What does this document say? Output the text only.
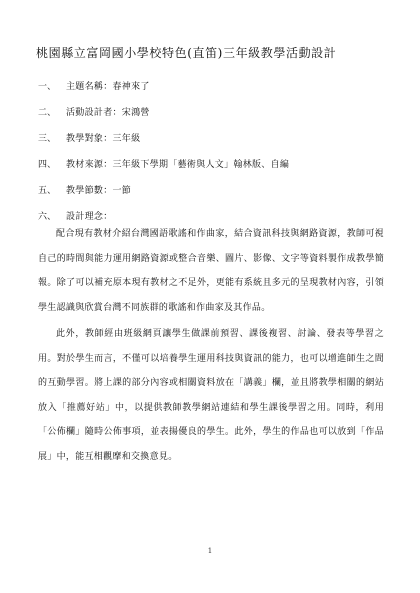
桃園縣立富岡國小學校特色(直笛)三年級教學活動設計
一、	主題名稱：春神來了
二、	活動設計者：宋鴻營
三、	教學對象：三年級
四、	教材來源：三年級下學期「藝術與人文」翰林版、自編
五、	教學節數：一節
六、	設計理念：

配合現有教材介紹台灣國語歌謠和作曲家，結合資訊科技與網路資源，教師可視自己的時間與能力運用網路資源或整合音樂、圖片、影像、文字等資料製作成教學簡報。除了可以補充原本現有教材之不足外，更能有系統且多元的呈現教材內容，引領學生認識與欣賞台灣不同族群的歌謠和作曲家及其作品。

此外，教師經由班級網頁讓學生做課前預習、課後複習、討論、發表等學習之用。對於學生而言，不僅可以培養學生運用科技與資訊的能力，也可以增進師生之間的互動學習。將上課的部分內容或相關資料放在「講義」欄，並且將教學相關的網站放入「推薦好站」中，以提供教師教學網站連結和學生課後學習之用。同時，利用「公佈欄」隨時公佈事項，並表揚優良的學生。此外，學生的作品也可以放到「作品展」中，能互相觀摩和交換意見。

1
